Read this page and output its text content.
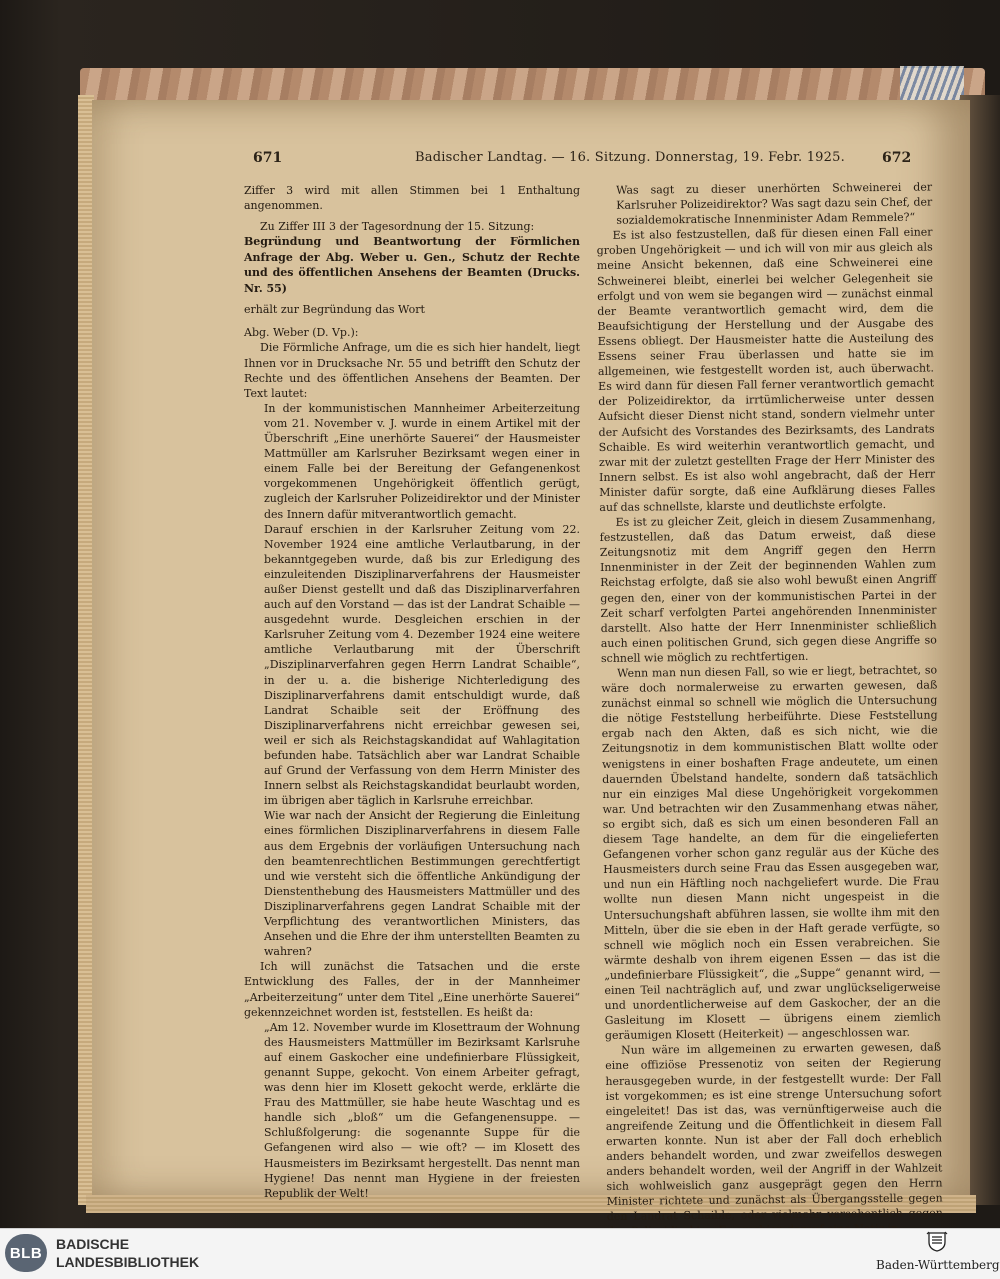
671	Badischer Landtag. — 16. Sitzung. Donnerstag, 19. Febr. 1925.	672

Ziffer 3 wird mit allen Stimmen bei 1 Enthaltung angenommen.

Zu Ziffer III 3 der Tagesordnung der 15. Sitzung:

Begründung und Beantwortung der Förmlichen Anfrage der Abg. Weber u. Gen., Schutz der Rechte und des öffentlichen Ansehens der Beamten (Drucks. Nr. 55)

erhält zur Begründung das Wort

Abg. Weber (D. Vp.):

Die Förmliche Anfrage, um die es sich hier handelt, liegt Ihnen vor in Drucksache Nr. 55 und betrifft den Schutz der Rechte und des öffentlichen Ansehens der Beamten. Der Text lautet:

In der kommunistischen Mannheimer Arbeiterzeitung vom 21. November v. J. wurde in einem Artikel mit der Überschrift „Eine unerhörte Sauerei“ der Hausmeister Mattmüller am Karlsruher Bezirksamt wegen einer in einem Falle bei der Bereitung der Gefangenenkost vorgekommenen Ungehörigkeit öffentlich gerügt, zugleich der Karlsruher Polizeidirektor und der Minister des Innern dafür mitverantwortlich gemacht.

Darauf erschien in der Karlsruher Zeitung vom 22. November 1924 eine amtliche Verlautbarung, in der bekanntgegeben wurde, daß bis zur Erledigung des einzuleitenden Disziplinarverfahrens der Hausmeister außer Dienst gestellt und daß das Disziplinarverfahren auch auf den Vorstand — das ist der Landrat Schaible — ausgedehnt wurde. Desgleichen erschien in der Karlsruher Zeitung vom 4. Dezember 1924 eine weitere amtliche Verlautbarung mit der Überschrift „Disziplinarverfahren gegen Herrn Landrat Schaible“, in der u. a. die bisherige Nichterledigung des Disziplinarverfahrens damit entschuldigt wurde, daß Landrat Schaible seit der Eröffnung des Disziplinarverfahrens nicht erreichbar gewesen sei, weil er sich als Reichstagskandidat auf Wahlagitation befunden habe. Tatsächlich aber war Landrat Schaible auf Grund der Verfassung von dem Herrn Minister des Innern selbst als Reichstagskandidat beurlaubt worden, im übrigen aber täglich in Karlsruhe erreichbar.

Wie war nach der Ansicht der Regierung die Einleitung eines förmlichen Disziplinarverfahrens in diesem Falle aus dem Ergebnis der vorläufigen Untersuchung nach den beamtenrechtlichen Bestimmungen gerechtfertigt und wie versteht sich die öffentliche Ankündigung der Dienstenthebung des Hausmeisters Mattmüller und des Disziplinarverfahrens gegen Landrat Schaible mit der Verpflichtung des verantwortlichen Ministers, das Ansehen und die Ehre der ihm unterstellten Beamten zu wahren?

Ich will zunächst die Tatsachen und die erste Entwicklung des Falles, der in der Mannheimer „Arbeiterzeitung“ unter dem Titel „Eine unerhörte Sauerei“ gekennzeichnet worden ist, feststellen. Es heißt da:

„Am 12. November wurde im Klosettraum der Wohnung des Hausmeisters Mattmüller im Bezirksamt Karlsruhe auf einem Gaskocher eine undefinierbare Flüssigkeit, genannt Suppe, gekocht. Von einem Arbeiter gefragt, was denn hier im Klosett gekocht werde, erklärte die Frau des Mattmüller, sie habe heute Waschtag und es handle sich „bloß“ um die Gefangenensuppe. — Schlußfolgerung: die sogenannte Suppe für die Gefangenen wird also — wie oft? — im Klosett des Hausmeisters im Bezirksamt hergestellt. Das nennt man Hygiene! Das nennt man Hygiene in der freiesten Republik der Welt!

Was sagt zu dieser unerhörten Schweinerei der Karlsruher Polizeidirektor? Was sagt dazu sein Chef, der sozialdemokratische Innenminister Adam Remmele?“

Es ist also festzustellen, daß für diesen einen Fall einer groben Ungehörigkeit — und ich will von mir aus gleich als meine Ansicht bekennen, daß eine Schweinerei eine Schweinerei bleibt, einerlei bei welcher Gelegenheit sie erfolgt und von wem sie begangen wird — zunächst einmal der Beamte verantwortlich gemacht wird, dem die Beaufsichtigung der Herstellung und der Ausgabe des Essens obliegt. Der Hausmeister hatte die Austeilung des Essens seiner Frau überlassen und hatte sie im allgemeinen, wie festgestellt worden ist, auch überwacht. Es wird dann für diesen Fall ferner verantwortlich gemacht der Polizeidirektor, da irrtümlicherweise unter dessen Aufsicht dieser Dienst nicht stand, sondern vielmehr unter der Aufsicht des Vorstandes des Bezirksamts, des Landrats Schaible. Es wird weiterhin verantwortlich gemacht, und zwar mit der zuletzt gestellten Frage der Herr Minister des Innern selbst. Es ist also wohl angebracht, daß der Herr Minister dafür sorgte, daß eine Aufklärung dieses Falles auf das schnellste, klarste und deutlichste erfolgte.

Es ist zu gleicher Zeit, gleich in diesem Zusammenhang, festzustellen, daß das Datum erweist, daß diese Zeitungsnotiz mit dem Angriff gegen den Herrn Innenminister in der Zeit der beginnenden Wahlen zum Reichstag erfolgte, daß sie also wohl bewußt einen Angriff gegen den, einer von der kommunistischen Partei in der Zeit scharf verfolgten Partei angehörenden Innenminister darstellt. Also hatte der Herr Innenminister schließlich auch einen politischen Grund, sich gegen diese Angriffe so schnell wie möglich zu rechtfertigen.

Wenn man nun diesen Fall, so wie er liegt, betrachtet, so wäre doch normalerweise zu erwarten gewesen, daß zunächst einmal so schnell wie möglich die Untersuchung die nötige Feststellung herbeiführte. Diese Feststellung ergab nach den Akten, daß es sich nicht, wie die Zeitungsnotiz in dem kommunistischen Blatt wollte oder wenigstens in einer boshaften Frage andeutete, um einen dauernden Übelstand handelte, sondern daß tatsächlich nur ein einziges Mal diese Ungehörigkeit vorgekommen war. Und betrachten wir den Zusammenhang etwas näher, so ergibt sich, daß es sich um einen besonderen Fall an diesem Tage handelte, an dem für die eingelieferten Gefangenen vorher schon ganz regulär aus der Küche des Hausmeisters durch seine Frau das Essen ausgegeben war, und nun ein Häftling noch nachgeliefert wurde. Die Frau wollte nun diesen Mann nicht ungespeist in die Untersuchungshaft abführen lassen, sie wollte ihm mit den Mitteln, über die sie eben in der Haft gerade verfügte, so schnell wie möglich noch ein Essen verabreichen. Sie wärmte deshalb von ihrem eigenen Essen — das ist die „undefinierbare Flüssigkeit“, die „Suppe“ genannt wird, — einen Teil nachträglich auf, und zwar unglückseligerweise und unordentlicherweise auf dem Gaskocher, der an die Gasleitung im Klosett — übrigens einem ziemlich geräumigen Klosett (Heiterkeit) — angeschlossen war.

Nun wäre im allgemeinen zu erwarten gewesen, daß eine offiziöse Pressenotiz von seiten der Regierung herausgegeben wurde, in der festgestellt wurde: Der Fall ist vorgekommen; es ist eine strenge Untersuchung sofort eingeleitet! Das ist das, was vernünftigerweise auch die angreifende Zeitung und die Öffentlichkeit in diesem Fall erwarten konnte. Nun ist aber der Fall doch erheblich anders behandelt worden, und zwar zweifellos deswegen anders behandelt worden, weil der Angriff in der Wahlzeit sich wohlweislich ganz ausgeprägt gegen den Herrn Minister richtete und zunächst als Übergangsstelle gegen den Landrat Schaible, oder vielmehr versehentlich gegen

BLB
BADISCHE
LANDESBIBLIOTHEK	Baden-Württemberg
